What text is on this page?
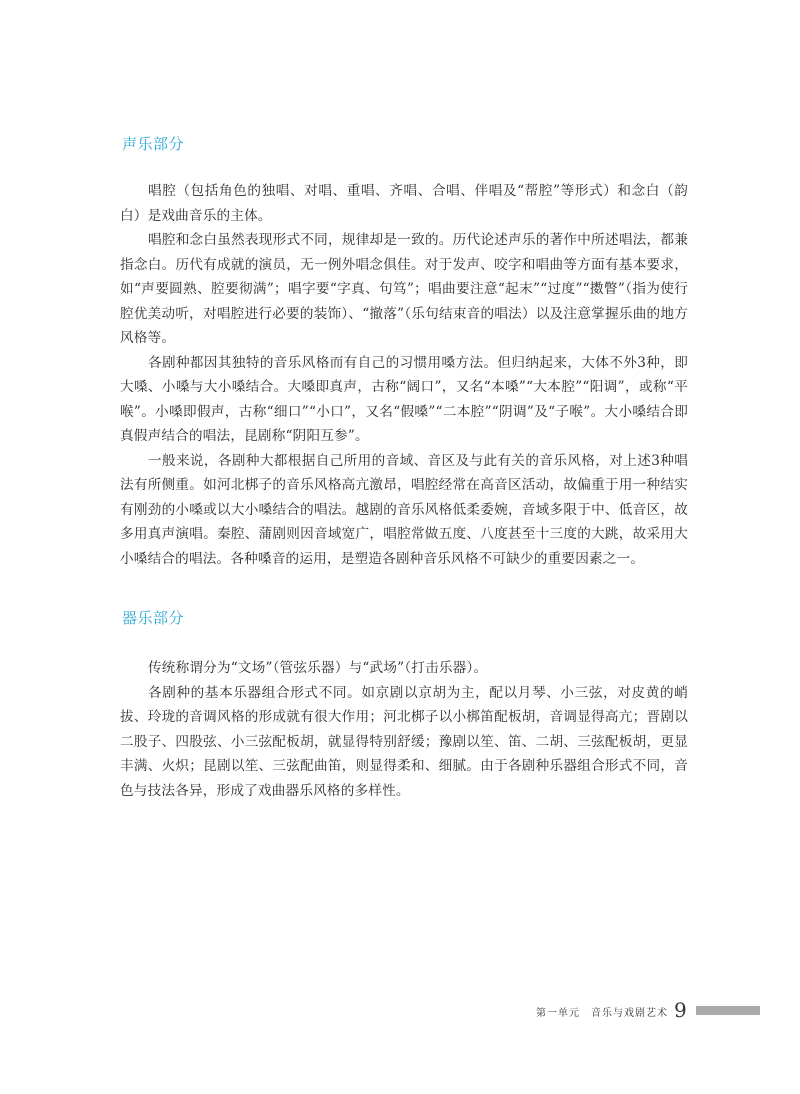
声乐部分

唱腔（包括角色的独唱、对唱、重唱、齐唱、合唱、伴唱及“帮腔”等形式）和念白（韵白）是戏曲音乐的主体。

唱腔和念白虽然表现形式不同，规律却是一致的。历代论述声乐的著作中所述唱法，都兼指念白。历代有成就的演员，无一例外唱念俱佳。对于发声、咬字和唱曲等方面有基本要求，如“声要圆熟、腔要彻满”；唱字要“字真、句笃”；唱曲要注意“起末”“过度”“擞瞥”（指为使行腔优美动听，对唱腔进行必要的装饰）、“撤落”（乐句结束音的唱法）以及注意掌握乐曲的地方风格等。

各剧种都因其独特的音乐风格而有自己的习惯用嗓方法。但归纳起来，大体不外3种，即大嗓、小嗓与大小嗓结合。大嗓即真声，古称“阔口”，又名“本嗓”“大本腔”“阳调”，或称“平喉”。小嗓即假声，古称“细口”“小口”，又名“假嗓”“二本腔”“阴调”及“子喉”。大小嗓结合即真假声结合的唱法，昆剧称“阴阳互参”。

一般来说，各剧种大都根据自己所用的音域、音区及与此有关的音乐风格，对上述3种唱法有所侧重。如河北梆子的音乐风格高亢激昂，唱腔经常在高音区活动，故偏重于用一种结实有刚劲的小嗓或以大小嗓结合的唱法。越剧的音乐风格低柔委婉，音域多限于中、低音区，故多用真声演唱。秦腔、蒲剧则因音域宽广，唱腔常做五度、八度甚至十三度的大跳，故采用大小嗓结合的唱法。各种嗓音的运用，是塑造各剧种音乐风格不可缺少的重要因素之一。

器乐部分

传统称谓分为“文场”（管弦乐器）与“武场”（打击乐器）。

各剧种的基本乐器组合形式不同。如京剧以京胡为主，配以月琴、小三弦，对皮黄的峭拔、玲珑的音调风格的形成就有很大作用；河北梆子以小梆笛配板胡，音调显得高亢；晋剧以二股子、四股弦、小三弦配板胡，就显得特别舒缓；豫剧以笙、笛、二胡、三弦配板胡，更显丰满、火炽；昆剧以笙、三弦配曲笛，则显得柔和、细腻。由于各剧种乐器组合形式不同，音色与技法各异，形成了戏曲器乐风格的多样性。

第一单元　音乐与戏剧艺术 9
